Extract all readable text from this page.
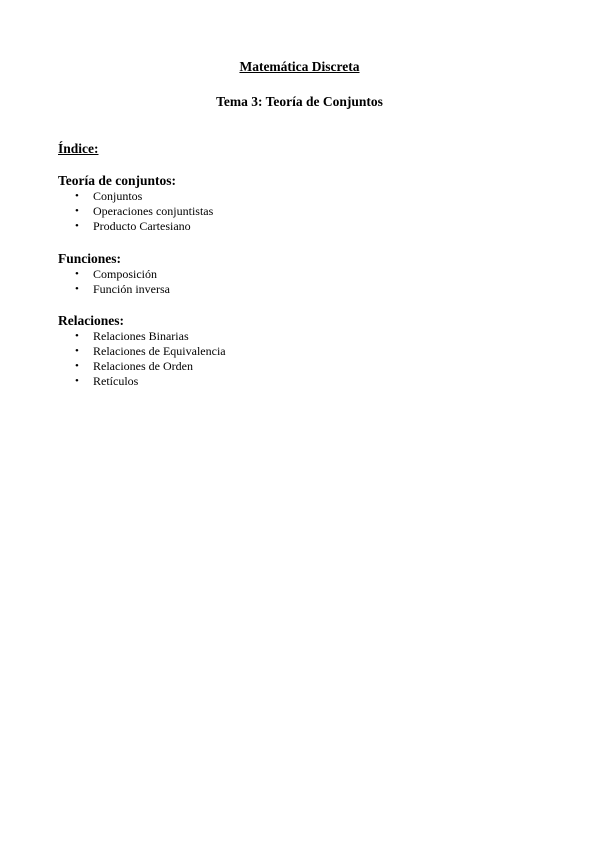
Matemática Discreta
Tema 3: Teoría de Conjuntos
Índice:
Teoría de conjuntos:
• Conjuntos
• Operaciones conjuntistas
• Producto Cartesiano
Funciones:
• Composición
• Función inversa
Relaciones:
• Relaciones Binarias
• Relaciones de Equivalencia
• Relaciones de Orden
• Retículos
